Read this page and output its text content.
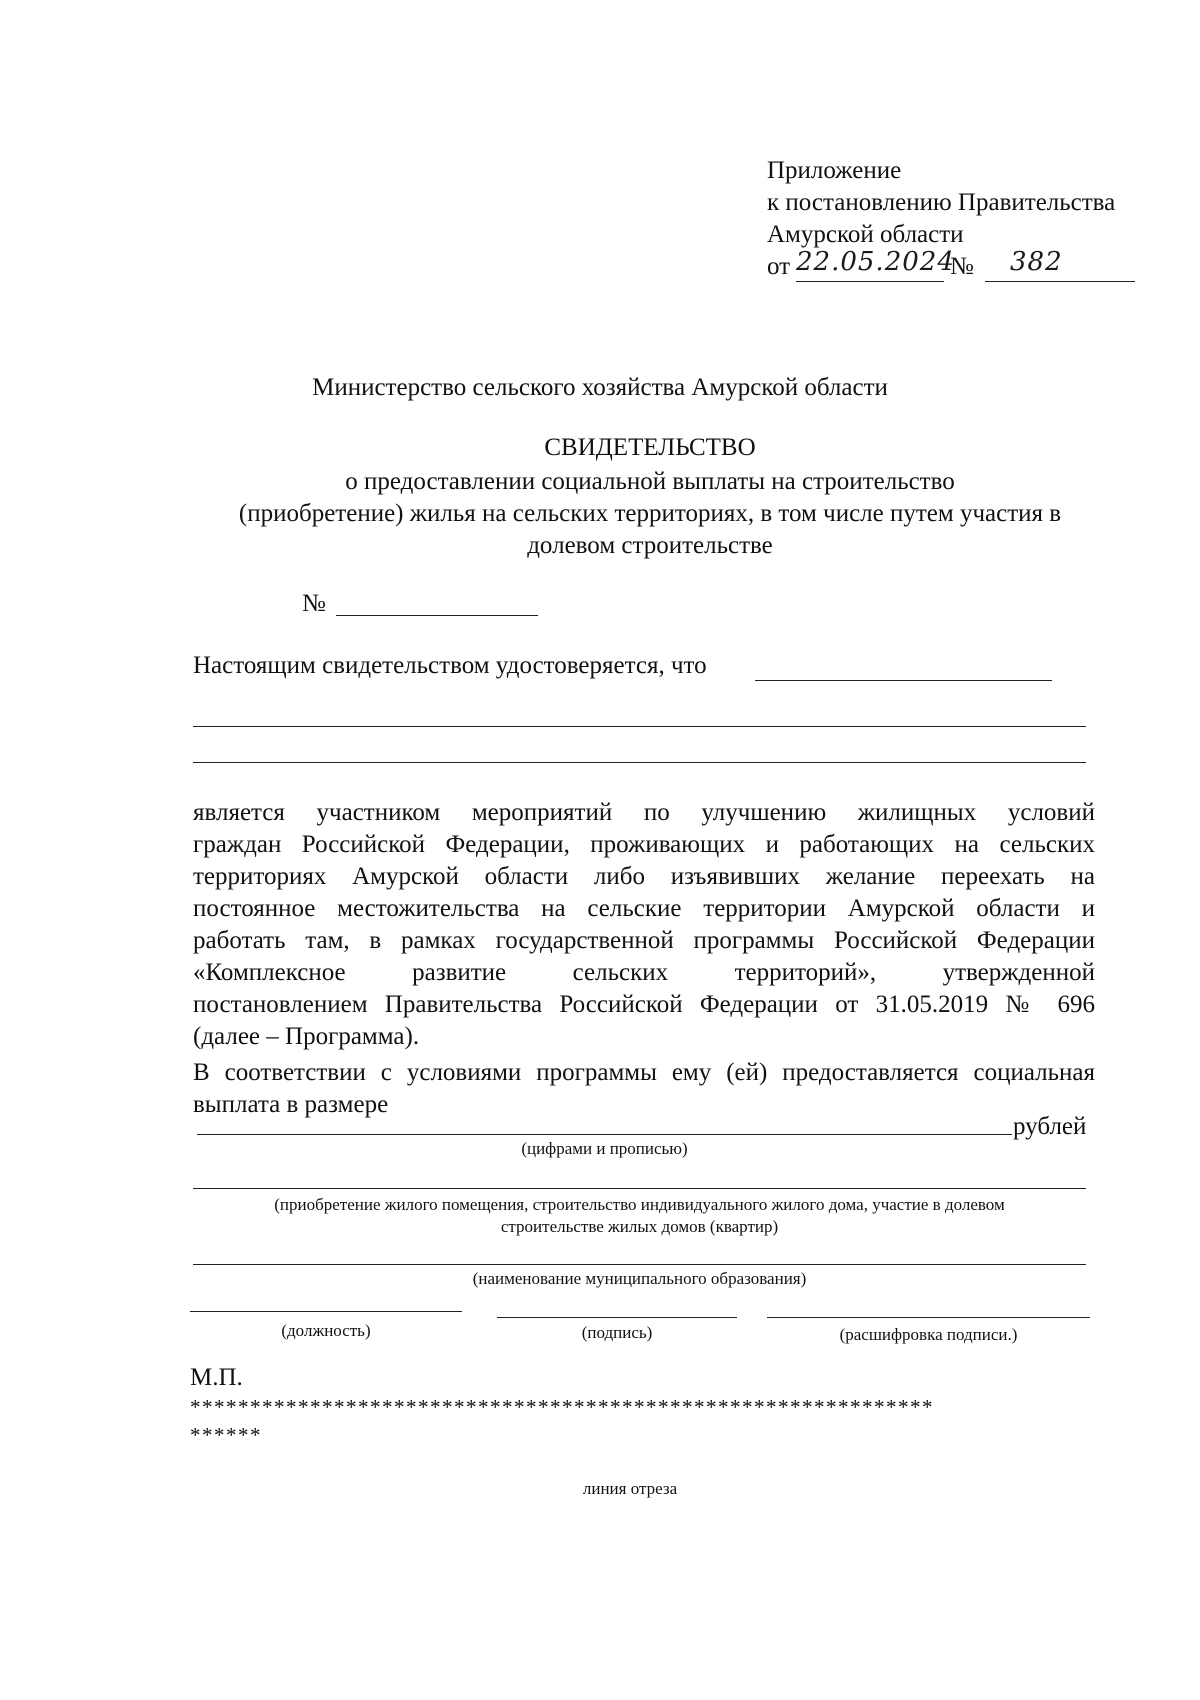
Приложение
к постановлению Правительства
Амурской области
от 22.05.2024
№ 382
Министерство сельского хозяйства Амурской области
СВИДЕТЕЛЬСТВО
о предоставлении социальной выплаты на строительство
(приобретение) жилья на сельских территориях, в том числе путем участия в
долевом строительстве
№
Настоящим свидетельством удостоверяется, что
является участником мероприятий по улучшению жилищных условий
граждан Российской Федерации, проживающих и работающих на сельских
территориях Амурской области либо изъявивших желание переехать на
постоянное местожительства на сельские территории Амурской области и
работать там, в рамках государственной программы Российской Федерации
«Комплексное развитие сельских территорий», утвержденной
постановлением Правительства Российской Федерации от 31.05.2019 № 696
(далее – Программа).
В соответствии с условиями программы ему (ей) предоставляется социальная
выплата в размере
рублей
(цифрами и прописью)
(приобретение жилого помещения, строительство индивидуального жилого дома, участие в долевом
строительстве жилых домов (квартир)
(наименование муниципального образования)
(должность)	(подпись)	(расшифровка подписи.)
М.П.
**************************************************************
******
линия отреза
